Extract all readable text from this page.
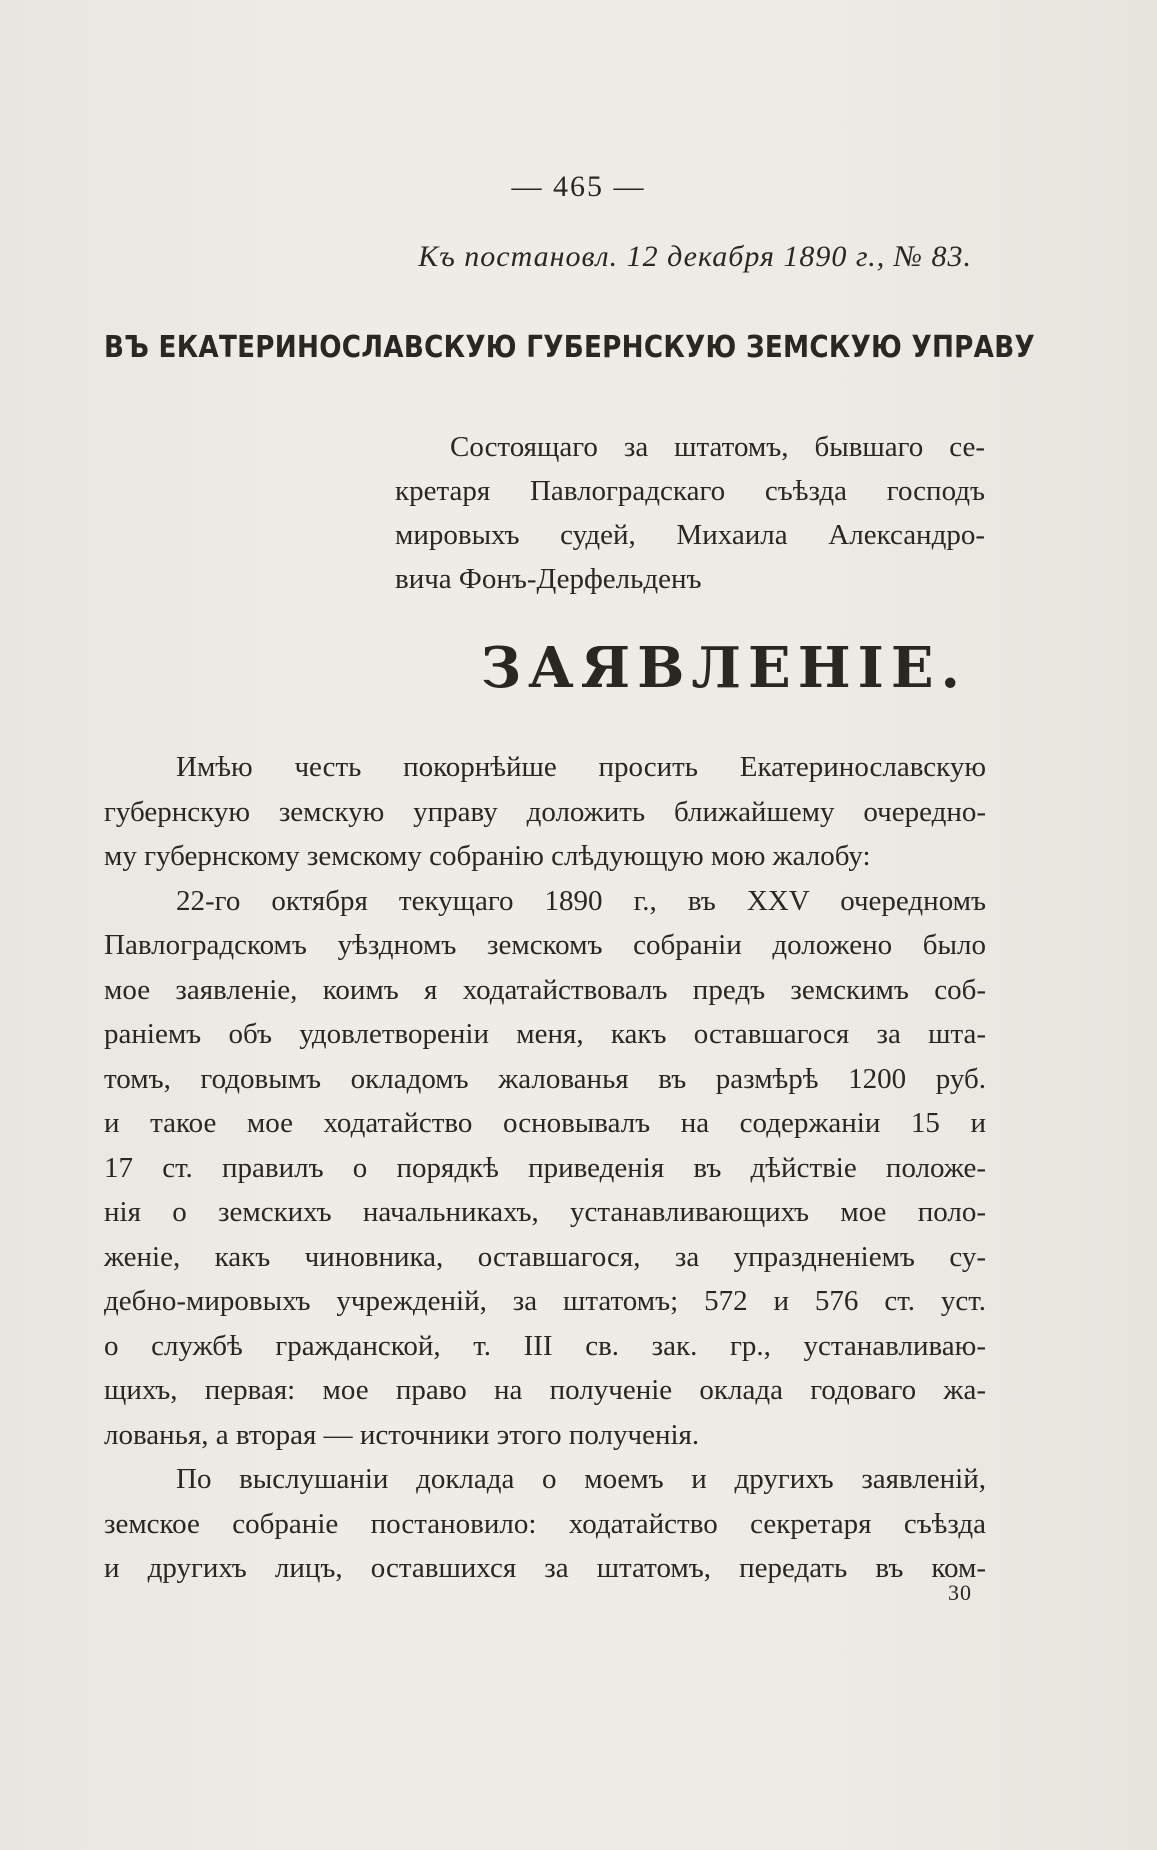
— 465 —
Къ постановл. 12 декабря 1890 г., № 83.
ВЪ ЕКАТЕРИНОСЛАВСКУЮ ГУБЕРНСКУЮ ЗЕМСКУЮ УПРАВУ
Состоящаго за штатомъ, бывшаго се-
кретаря Павлоградскаго съѣзда господъ
мировыхъ судей, Михаила Александро-
вича Фонъ-Дерфельденъ
ЗАЯВЛЕНІЕ.
Имѣю честь покорнѣйше просить Екатеринославскую
губернскую земскую управу доложить ближайшему очередно-
му губернскому земскому собранію слѣдующую мою жалобу:
22-го октября текущаго 1890 г., въ XXV очередномъ
Павлоградскомъ уѣздномъ земскомъ собраніи доложено было
мое заявленіе, коимъ я ходатайствовалъ предъ земскимъ соб-
раніемъ объ удовлетвореніи меня, какъ оставшагося за шта-
томъ, годовымъ окладомъ жалованья въ размѣрѣ 1200 руб.
и такое мое ходатайство основывалъ на содержаніи 15 и
17 ст. правилъ о порядкѣ приведенія въ дѣйствіе положе-
нія о земскихъ начальникахъ, устанавливающихъ мое поло-
женіе, какъ чиновника, оставшагося, за упраздненіемъ су-
дебно-мировыхъ учрежденій, за штатомъ; 572 и 576 ст. уст.
о службѣ гражданской, т. III св. зак. гр., устанавливаю-
щихъ, первая: мое право на полученіе оклада годоваго жа-
лованья, а вторая — источники этого полученія.
По выслушаніи доклада о моемъ и другихъ заявленій,
земское собраніе постановило: ходатайство секретаря съѣзда
и другихъ лицъ, оставшихся за штатомъ, передать въ ком-
30
